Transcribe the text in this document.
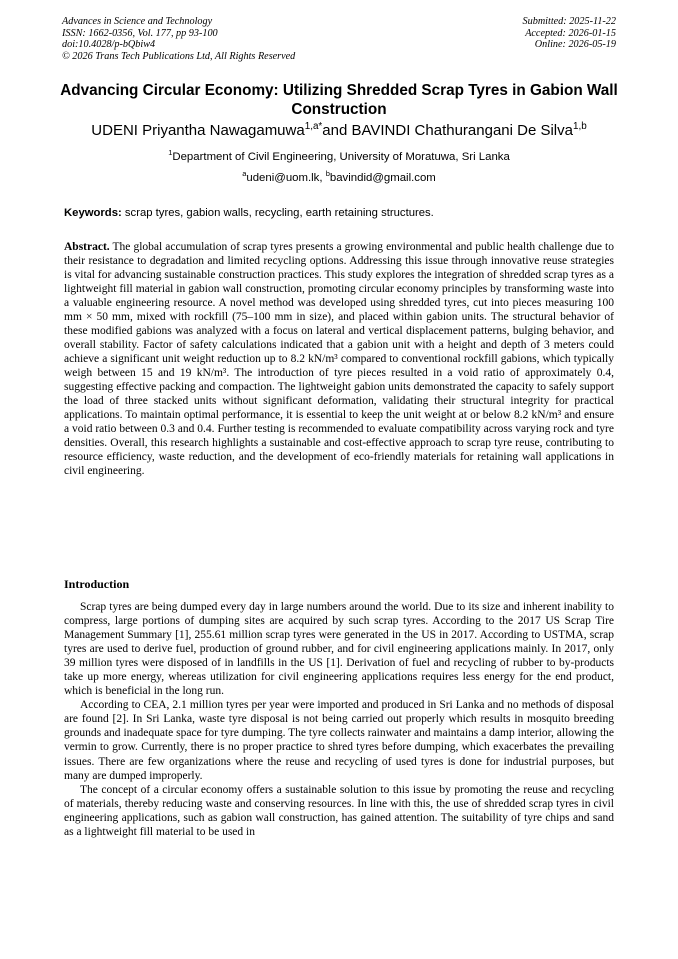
Advances in Science and Technology
ISSN: 1662-0356, Vol. 177, pp 93-100
doi:10.4028/p-bQbiw4
© 2026 Trans Tech Publications Ltd, All Rights Reserved
Submitted: 2025-11-22
Accepted: 2026-01-15
Online: 2026-05-19
Advancing Circular Economy: Utilizing Shredded Scrap Tyres in Gabion Wall Construction
UDENI Priyantha Nawagamuwa$^{1,a*}$and BAVINDI Chathurangani De Silva$^{1,b}$
$^1$Department of Civil Engineering, University of Moratuwa, Sri Lanka
$^a$udeni@uom.lk, $^b$bavindid@gmail.com
Keywords: scrap tyres, gabion walls, recycling, earth retaining structures.
Abstract. The global accumulation of scrap tyres presents a growing environmental and public health challenge due to their resistance to degradation and limited recycling options. Addressing this issue through innovative reuse strategies is vital for advancing sustainable construction practices. This study explores the integration of shredded scrap tyres as a lightweight fill material in gabion wall construction, promoting circular economy principles by transforming waste into a valuable engineering resource. A novel method was developed using shredded tyres, cut into pieces measuring 100 mm × 50 mm, mixed with rockfill (75–100 mm in size), and placed within gabion units. The structural behavior of these modified gabions was analyzed with a focus on lateral and vertical displacement patterns, bulging behavior, and overall stability. Factor of safety calculations indicated that a gabion unit with a height and depth of 3 meters could achieve a significant unit weight reduction up to 8.2 kN/m³ compared to conventional rockfill gabions, which typically weigh between 15 and 19 kN/m³. The introduction of tyre pieces resulted in a void ratio of approximately 0.4, suggesting effective packing and compaction. The lightweight gabion units demonstrated the capacity to safely support the load of three stacked units without significant deformation, validating their structural integrity for practical applications. To maintain optimal performance, it is essential to keep the unit weight at or below 8.2 kN/m³ and ensure a void ratio between 0.3 and 0.4. Further testing is recommended to evaluate compatibility across varying rock and tyre densities. Overall, this research highlights a sustainable and cost-effective approach to scrap tyre reuse, contributing to resource efficiency, waste reduction, and the development of eco-friendly materials for retaining wall applications in civil engineering.
Introduction

Scrap tyres are being dumped every day in large numbers around the world. Due to its size and inherent inability to compress, large portions of dumping sites are acquired by such scrap tyres. According to the 2017 US Scrap Tire Management Summary [1], 255.61 million scrap tyres were generated in the US in 2017. According to USTMA, scrap tyres are used to derive fuel, production of ground rubber, and for civil engineering applications mainly. In 2017, only 39 million tyres were disposed of in landfills in the US [1]. Derivation of fuel and recycling of rubber to by-products take up more energy, whereas utilization for civil engineering applications requires less energy for the end product, which is beneficial in the long run.

According to CEA, 2.1 million tyres per year were imported and produced in Sri Lanka and no methods of disposal are found [2]. In Sri Lanka, waste tyre disposal is not being carried out properly which results in mosquito breeding grounds and inadequate space for tyre dumping. The tyre collects rainwater and maintains a damp interior, allowing the vermin to grow. Currently, there is no proper practice to shred tyres before dumping, which exacerbates the prevailing issues. There are few organizations where the reuse and recycling of used tyres is done for industrial purposes, but many are dumped improperly.

The concept of a circular economy offers a sustainable solution to this issue by promoting the reuse and recycling of materials, thereby reducing waste and conserving resources. In line with this, the use of shredded scrap tyres in civil engineering applications, such as gabion wall construction, has gained attention. The suitability of tyre chips and sand as a lightweight fill material to be used in
